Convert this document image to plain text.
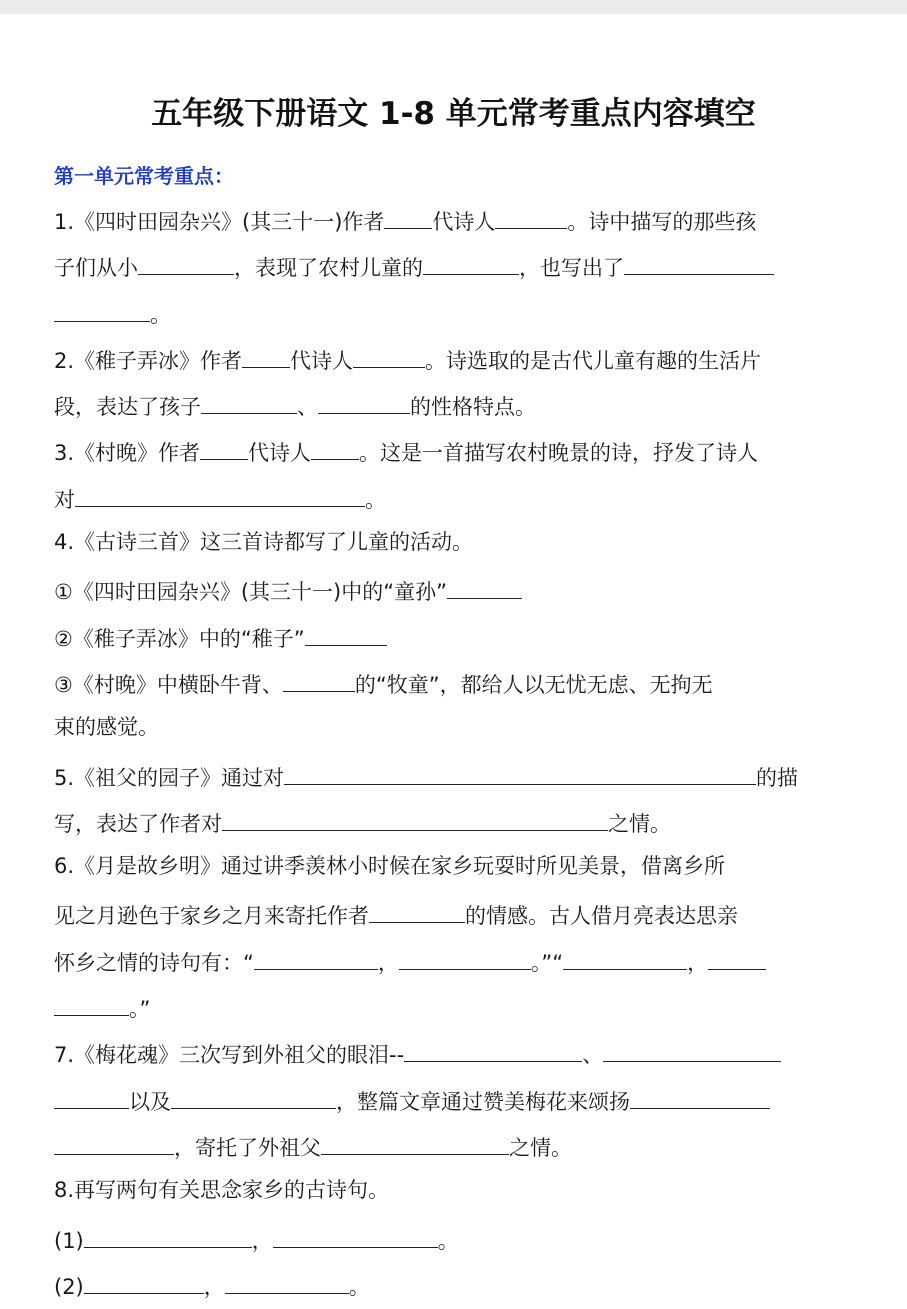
五年级下册语文 1-8 单元常考重点内容填空
第一单元常考重点：
1.《四时田园杂兴》(其三十一)作者 代诗人	。诗中描写的那些孩
子们从小	，表现了农村儿童的	，也写出了
。
2.《稚子弄冰》作者 代诗人	。诗选取的是古代儿童有趣的生活片
段，表达了孩子	、	的性格特点。
3.《村晚》作者 代诗人 。这是一首描写农村晚景的诗，抒发了诗人
对	。
4.《古诗三首》这三首诗都写了儿童的活动。
①《四时田园杂兴》(其三十一)中的“童孙”
②《稚子弄冰》中的“稚子”
③《村晚》中横卧牛背、	的“牧童”，都给人以无忧无虑、无拘无
束的感觉。
5.《祖父的园子》通过对	的描
写，表达了作者对	之情。
6.《月是故乡明》通过讲季羡林小时候在家乡玩耍时所见美景，借离乡所
见之月逊色于家乡之月来寄托作者	的情感。古人借月亮表达思亲
怀乡之情的诗句有：“	，	。”“	，
。”
7.《梅花魂》三次写到外祖父的眼泪--	、
以及	，整篇文章通过赞美梅花来颂扬
，寄托了外祖父	之情。
8.再写两句有关思念家乡的古诗句。
(1)	，	。
(2)	，	。
